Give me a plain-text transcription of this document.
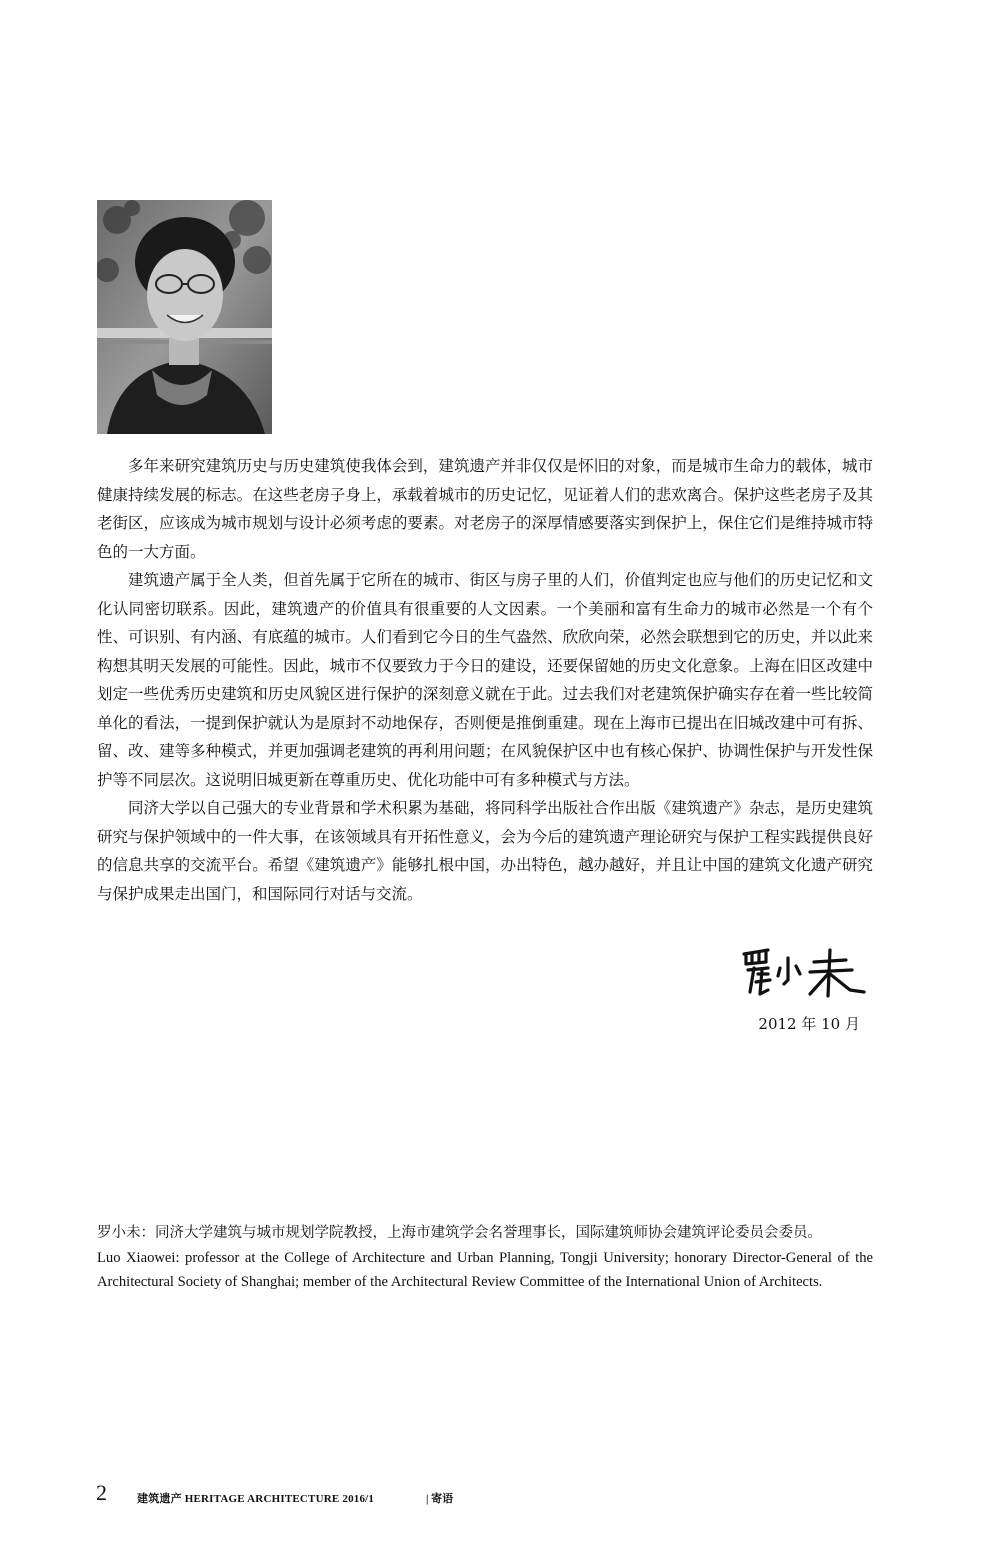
多年来研究建筑历史与历史建筑使我体会到，建筑遗产并非仅仅是怀旧的对象，而是城市生命力的载体，城市健康持续发展的标志。在这些老房子身上，承载着城市的历史记忆，见证着人们的悲欢离合。保护这些老房子及其老街区，应该成为城市规划与设计必须考虑的要素。对老房子的深厚情感要落实到保护上，保住它们是维持城市特色的一大方面。

建筑遗产属于全人类，但首先属于它所在的城市、街区与房子里的人们，价值判定也应与他们的历史记忆和文化认同密切联系。因此，建筑遗产的价值具有很重要的人文因素。一个美丽和富有生命力的城市必然是一个有个性、可识别、有内涵、有底蕴的城市。人们看到它今日的生气盎然、欣欣向荣，必然会联想到它的历史，并以此来构想其明天发展的可能性。因此，城市不仅要致力于今日的建设，还要保留她的历史文化意象。上海在旧区改建中划定一些优秀历史建筑和历史风貌区进行保护的深刻意义就在于此。过去我们对老建筑保护确实存在着一些比较简单化的看法，一提到保护就认为是原封不动地保存，否则便是推倒重建。现在上海市已提出在旧城改建中可有拆、留、改、建等多种模式，并更加强调老建筑的再利用问题；在风貌保护区中也有核心保护、协调性保护与开发性保护等不同层次。这说明旧城更新在尊重历史、优化功能中可有多种模式与方法。

同济大学以自己强大的专业背景和学术积累为基础，将同科学出版社合作出版《建筑遗产》杂志，是历史建筑研究与保护领域中的一件大事，在该领域具有开拓性意义，会为今后的建筑遗产理论研究与保护工程实践提供良好的信息共享的交流平台。希望《建筑遗产》能够扎根中国，办出特色，越办越好，并且让中国的建筑文化遗产研究与保护成果走出国门，和国际同行对话与交流。

2012 年 10 月

罗小未：同济大学建筑与城市规划学院教授，上海市建筑学会名誉理事长，国际建筑师协会建筑评论委员会委员。

Luo Xiaowei: professor at the College of Architecture and Urban Planning, Tongji University; honorary Director-General of the Architectural Society of Shanghai; member of the Architectural Review Committee of the International Union of Architects.

2	建筑遗产 HERITAGE ARCHITECTURE 2016/1	| 寄语
